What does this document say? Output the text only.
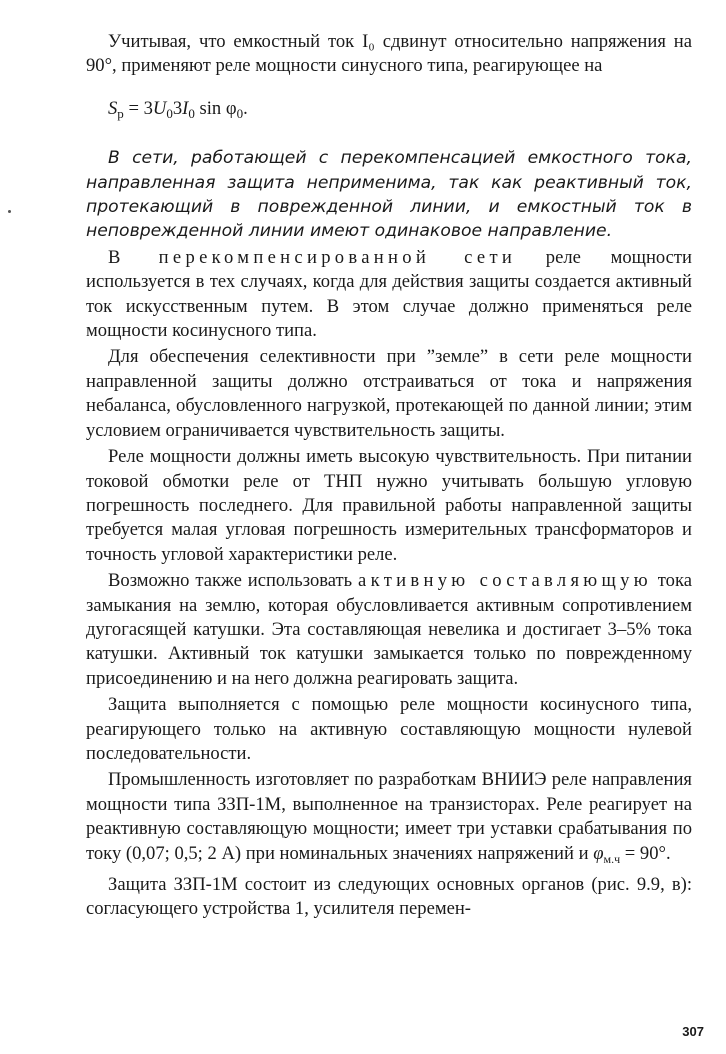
Учитывая, что емкостный ток I₀ сдвинут относительно напряжения на 90°, применяют реле мощности синусного типа, реагирующее на

$S_р = 3U_03I_0$ $\sin \varphi_0$.

В сети, работающей с перекомпенсацией емкостного тока, направленная защита неприменима, так как реактивный ток, протекающий в поврежденной линии, и емкостный ток в неповрежденной линии имеют одинаковое направление.

В перекомпенсированной сети реле мощности используется в тех случаях, когда для действия защиты создается активный ток искусственным путем. В этом случае должно применяться реле мощности косинусного типа.

Для обеспечения селективности при ”земле” в сети реле мощности направленной защиты должно отстраиваться от тока и напряжения небаланса, обусловленного нагрузкой, протекающей по данной линии; этим условием ограничивается чувствительность защиты.

Реле мощности должны иметь высокую чувствительность. При питании токовой обмотки реле от ТНП нужно учитывать большую угловую погрешность последнего. Для правильной работы направленной защиты требуется малая угловая погрешность измерительных трансформаторов и точность угловой характеристики реле.

Возможно также использовать активную составляющую тока замыкания на землю, которая обусловливается активным сопротивлением дугогасящей катушки. Эта составляющая невелика и достигает 3–5% тока катушки. Активный ток катушки замыкается только по поврежденному присоединению и на него должна реагировать защита.

Защита выполняется с помощью реле мощности косинусного типа, реагирующего только на активную составляющую мощности нулевой последовательности.

Промышленность изготовляет по разработкам ВНИИЭ реле направления мощности типа ЗЗП-1М, выполненное на транзисторах. Реле реагирует на реактивную составляющую мощности; имеет три уставки срабатывания по току (0,07; 0,5; 2 А) при номинальных значениях напряжений и $\varphi_{м.ч} = 90^\circ$.

Защита ЗЗП-1М состоит из следующих основных органов (рис. 9.9, в): согласующего устройства 1, усилителя перемен-

307
